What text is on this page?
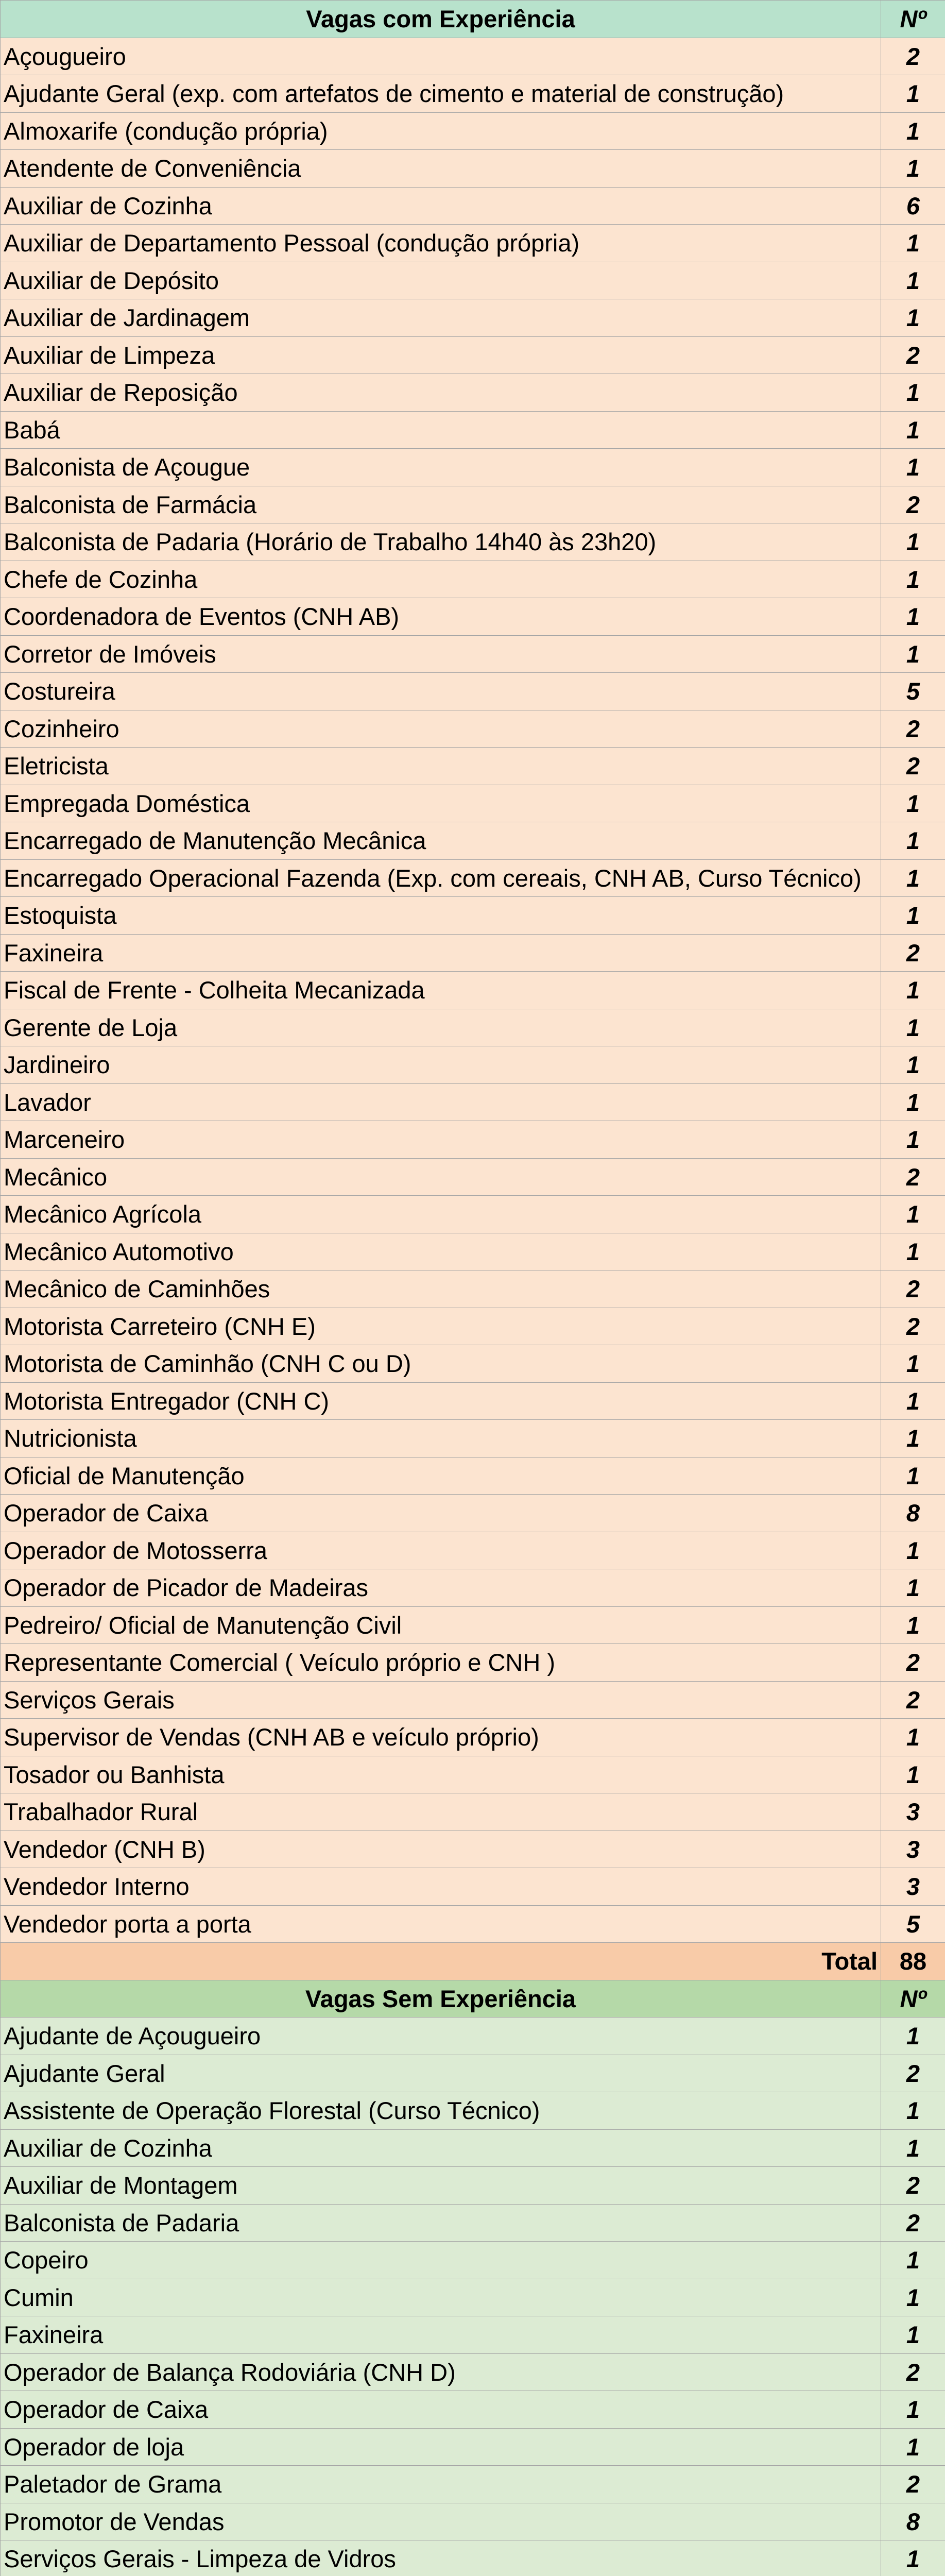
Vagas com Experiência	Nº
Açougueiro	2
Ajudante Geral (exp. com artefatos de cimento e material de construção)	1
Almoxarife (condução própria)	1
Atendente de Conveniência	1
Auxiliar de Cozinha	6
Auxiliar de Departamento Pessoal (condução própria)	1
Auxiliar de Depósito	1
Auxiliar de Jardinagem	1
Auxiliar de Limpeza	2
Auxiliar de Reposição	1
Babá	1
Balconista de Açougue	1
Balconista de Farmácia	2
Balconista de Padaria (Horário de Trabalho 14h40 às 23h20)	1
Chefe de Cozinha	1
Coordenadora de Eventos (CNH AB)	1
Corretor de Imóveis	1
Costureira	5
Cozinheiro	2
Eletricista	2
Empregada Doméstica	1
Encarregado de Manutenção Mecânica	1
Encarregado Operacional Fazenda (Exp. com cereais, CNH AB, Curso Técnico)	1
Estoquista	1
Faxineira	2
Fiscal de Frente - Colheita Mecanizada	1
Gerente de Loja	1
Jardineiro	1
Lavador	1
Marceneiro	1
Mecânico	2
Mecânico Agrícola	1
Mecânico Automotivo	1
Mecânico de Caminhões	2
Motorista Carreteiro (CNH E)	2
Motorista de Caminhão (CNH C ou D)	1
Motorista Entregador (CNH C)	1
Nutricionista	1
Oficial de Manutenção	1
Operador de Caixa	8
Operador de Motosserra	1
Operador de Picador de Madeiras	1
Pedreiro/ Oficial de Manutenção Civil	1
Representante Comercial ( Veículo próprio e CNH )	2
Serviços Gerais	2
Supervisor de Vendas (CNH AB e veículo próprio)	1
Tosador ou Banhista	1
Trabalhador Rural	3
Vendedor (CNH B)	3
Vendedor Interno	3
Vendedor porta a porta	5
Total	88
Vagas Sem Experiência	Nº
Ajudante de Açougueiro	1
Ajudante Geral	2
Assistente de Operação Florestal (Curso Técnico)	1
Auxiliar de Cozinha	1
Auxiliar de Montagem	2
Balconista de Padaria	2
Copeiro	1
Cumin	1
Faxineira	1
Operador de Balança Rodoviária (CNH D)	2
Operador de Caixa	1
Operador de loja	1
Paletador de Grama	2
Promotor de Vendas	8
Serviços Gerais - Limpeza de Vidros	1
